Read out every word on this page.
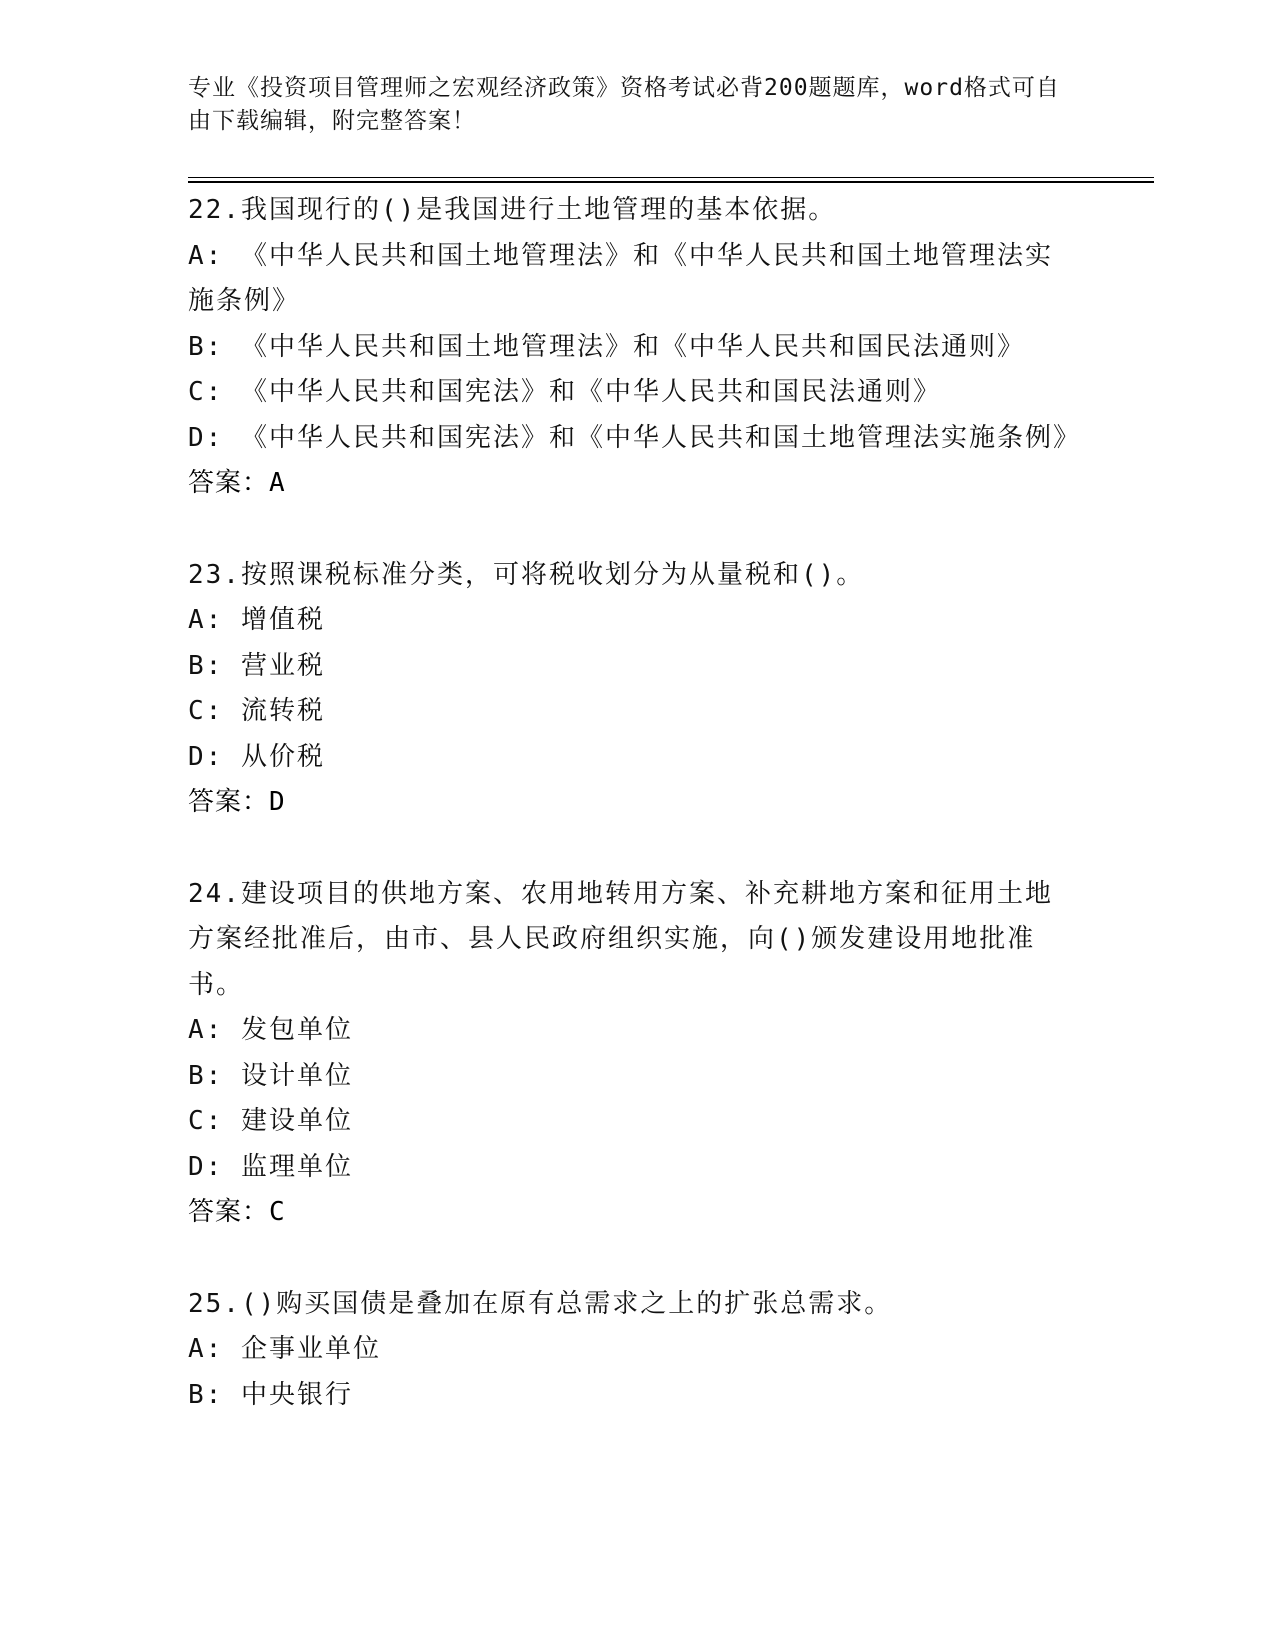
专业《投资项目管理师之宏观经济政策》资格考试必背200题题库，word格式可自由下载编辑，附完整答案！
22.我国现行的()是我国进行土地管理的基本依据。
A: 《中华人民共和国土地管理法》和《中华人民共和国土地管理法实施条例》
B: 《中华人民共和国土地管理法》和《中华人民共和国民法通则》
C: 《中华人民共和国宪法》和《中华人民共和国民法通则》
D: 《中华人民共和国宪法》和《中华人民共和国土地管理法实施条例》
答案：A
23.按照课税标准分类，可将税收划分为从量税和()。
A: 增值税
B: 营业税
C: 流转税
D: 从价税
答案：D
24.建设项目的供地方案、农用地转用方案、补充耕地方案和征用土地方案经批准后，由市、县人民政府组织实施，向()颁发建设用地批准书。
A: 发包单位
B: 设计单位
C: 建设单位
D: 监理单位
答案：C
25.()购买国债是叠加在原有总需求之上的扩张总需求。
A: 企事业单位
B: 中央银行
